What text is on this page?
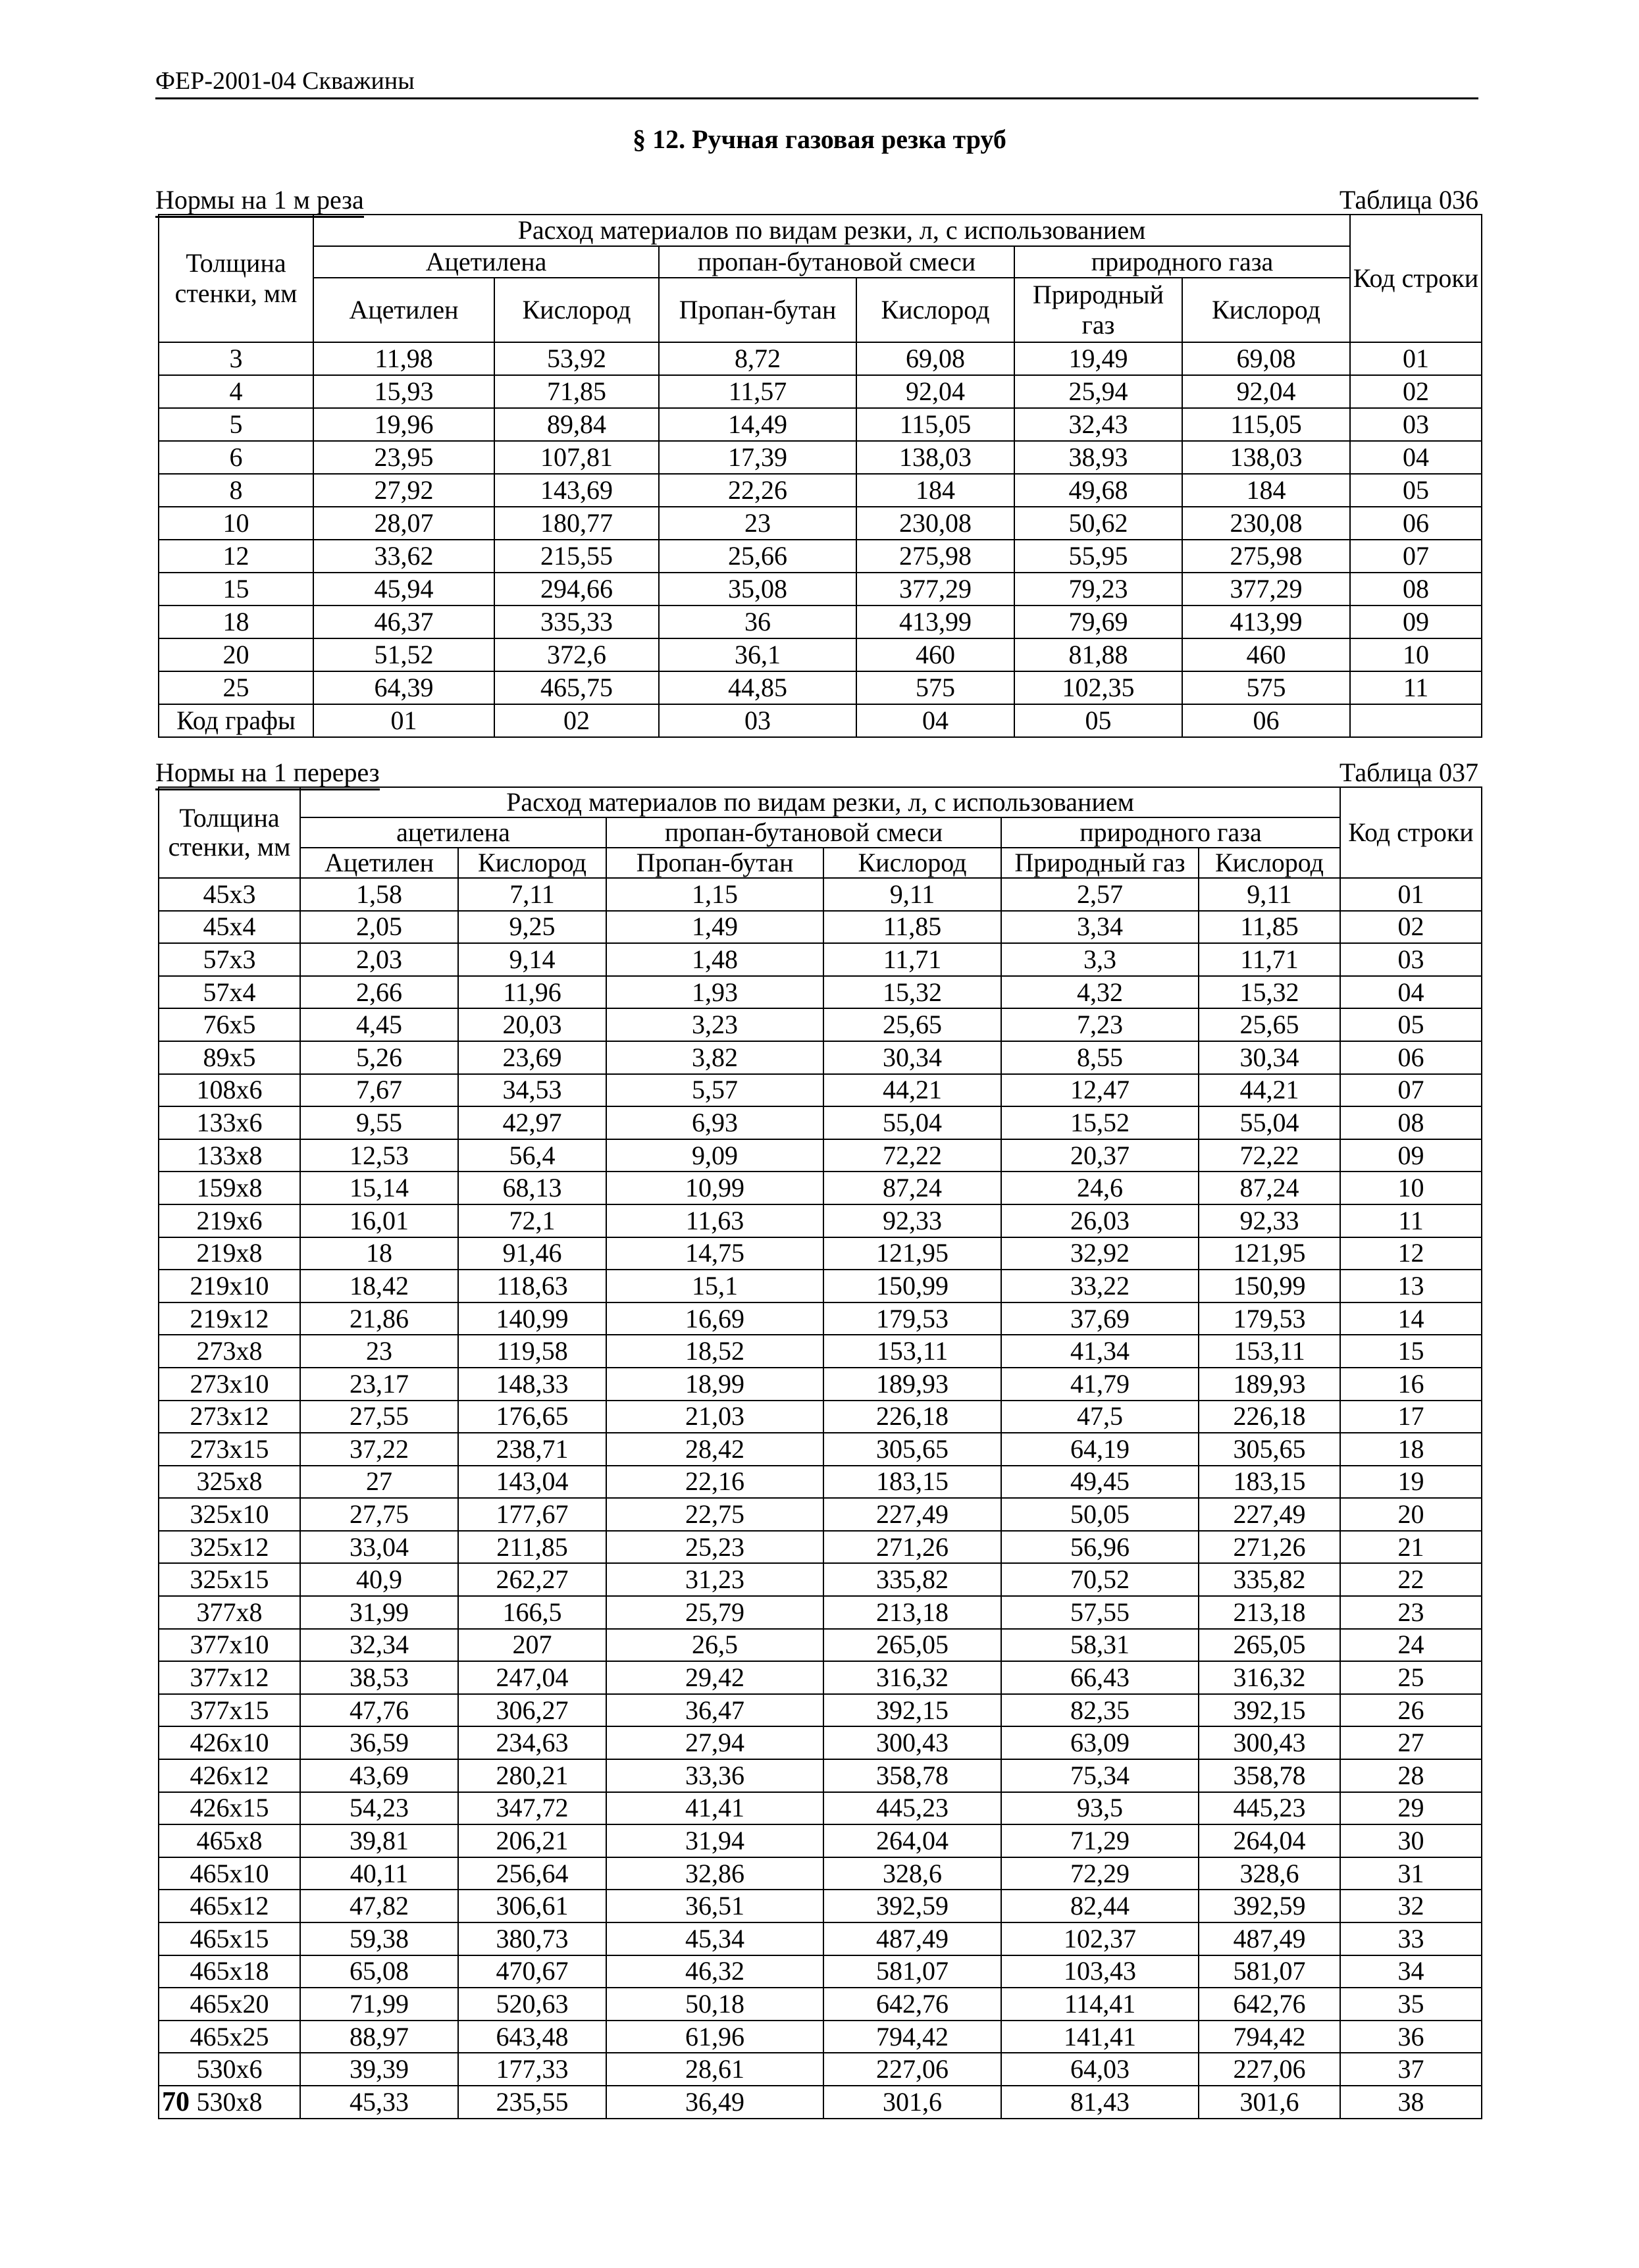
ФЕР-2001-04 Скважины
§ 12. Ручная газовая резка труб
Нормы на 1 м реза	Таблица 036
Толщина стенки, мм	Расход материалов по видам резки, л, с использованием						Код строки
	Ацетилена		пропан-бутановой смеси		природного газа		
	Ацетилен	Кислород	Пропан-бутан	Кислород	Природный газ	Кислород	
3	11,98	53,92	8,72	69,08	19,49	69,08	01
4	15,93	71,85	11,57	92,04	25,94	92,04	02
5	19,96	89,84	14,49	115,05	32,43	115,05	03
6	23,95	107,81	17,39	138,03	38,93	138,03	04
8	27,92	143,69	22,26	184	49,68	184	05
10	28,07	180,77	23	230,08	50,62	230,08	06
12	33,62	215,55	25,66	275,98	55,95	275,98	07
15	45,94	294,66	35,08	377,29	79,23	377,29	08
18	46,37	335,33	36	413,99	79,69	413,99	09
20	51,52	372,6	36,1	460	81,88	460	10
25	64,39	465,75	44,85	575	102,35	575	11
Код графы	01	02	03	04	05	06	
Нормы на 1 перерез	Таблица 037
Толщина стенки, мм	Расход материалов по видам резки, л, с использованием						Код строки
	ацетилена		пропан-бутановой смеси		природного газа		
	Ацетилен	Кислород	Пропан-бутан	Кислород	Природный газ	Кислород	
45x3	1,58	7,11	1,15	9,11	2,57	9,11	01
45x4	2,05	9,25	1,49	11,85	3,34	11,85	02
57x3	2,03	9,14	1,48	11,71	3,3	11,71	03
57x4	2,66	11,96	1,93	15,32	4,32	15,32	04
76x5	4,45	20,03	3,23	25,65	7,23	25,65	05
89x5	5,26	23,69	3,82	30,34	8,55	30,34	06
108x6	7,67	34,53	5,57	44,21	12,47	44,21	07
133x6	9,55	42,97	6,93	55,04	15,52	55,04	08
133x8	12,53	56,4	9,09	72,22	20,37	72,22	09
159x8	15,14	68,13	10,99	87,24	24,6	87,24	10
219x6	16,01	72,1	11,63	92,33	26,03	92,33	11
219x8	18	91,46	14,75	121,95	32,92	121,95	12
219x10	18,42	118,63	15,1	150,99	33,22	150,99	13
219x12	21,86	140,99	16,69	179,53	37,69	179,53	14
273x8	23	119,58	18,52	153,11	41,34	153,11	15
273x10	23,17	148,33	18,99	189,93	41,79	189,93	16
273x12	27,55	176,65	21,03	226,18	47,5	226,18	17
273x15	37,22	238,71	28,42	305,65	64,19	305,65	18
325x8	27	143,04	22,16	183,15	49,45	183,15	19
325x10	27,75	177,67	22,75	227,49	50,05	227,49	20
325x12	33,04	211,85	25,23	271,26	56,96	271,26	21
325x15	40,9	262,27	31,23	335,82	70,52	335,82	22
377x8	31,99	166,5	25,79	213,18	57,55	213,18	23
377x10	32,34	207	26,5	265,05	58,31	265,05	24
377x12	38,53	247,04	29,42	316,32	66,43	316,32	25
377x15	47,76	306,27	36,47	392,15	82,35	392,15	26
426x10	36,59	234,63	27,94	300,43	63,09	300,43	27
426x12	43,69	280,21	33,36	358,78	75,34	358,78	28
426x15	54,23	347,72	41,41	445,23	93,5	445,23	29
465x8	39,81	206,21	31,94	264,04	71,29	264,04	30
465x10	40,11	256,64	32,86	328,6	72,29	328,6	31
465x12	47,82	306,61	36,51	392,59	82,44	392,59	32
465x15	59,38	380,73	45,34	487,49	102,37	487,49	33
465x18	65,08	470,67	46,32	581,07	103,43	581,07	34
465x20	71,99	520,63	50,18	642,76	114,41	642,76	35
465x25	88,97	643,48	61,96	794,42	141,41	794,42	36
530x6	39,39	177,33	28,61	227,06	64,03	227,06	37
530x8	45,33	235,55	36,49	301,6	81,43	301,6	38
70
